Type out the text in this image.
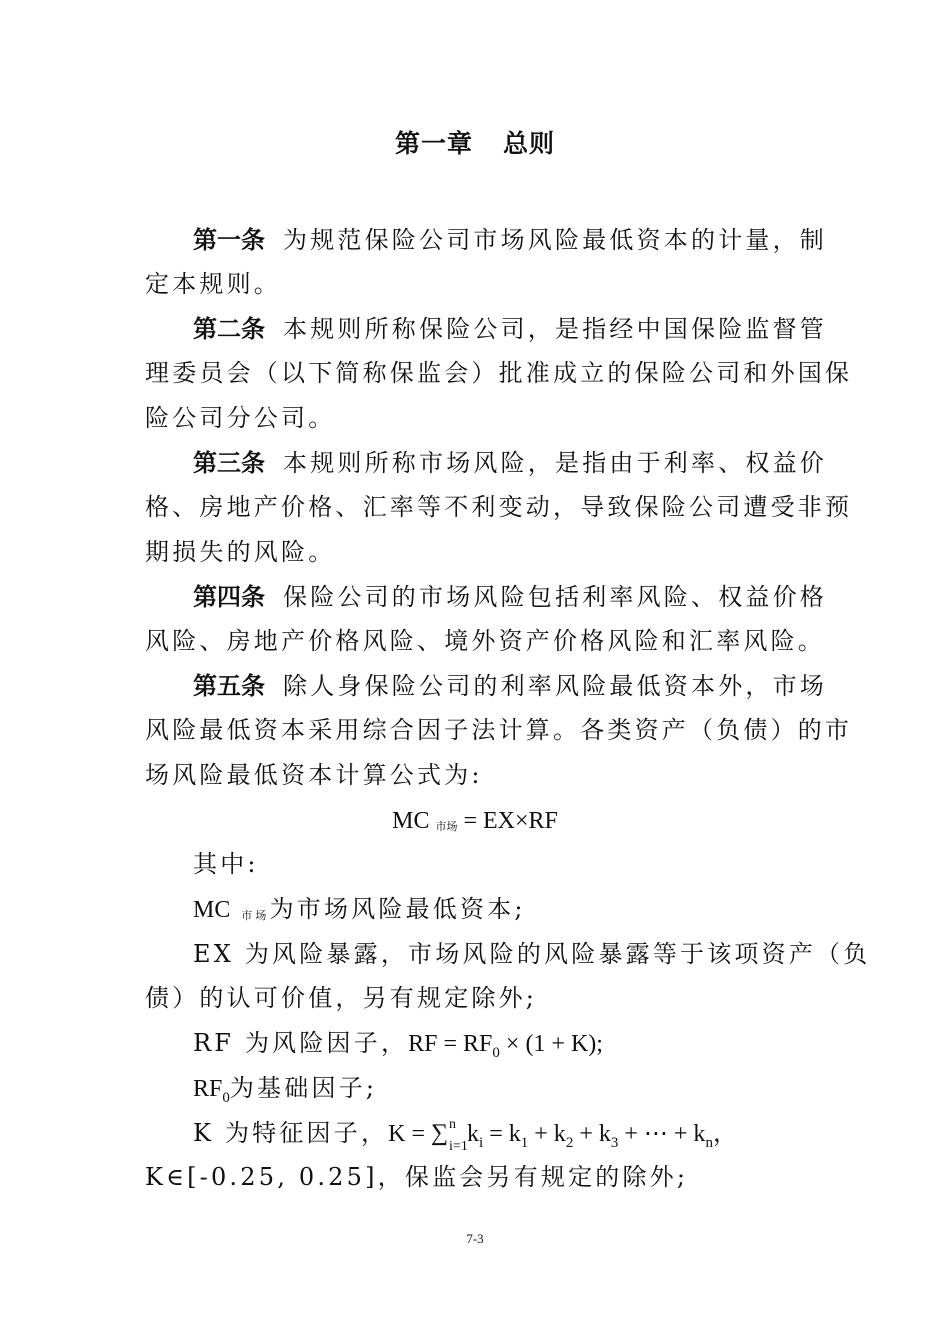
第一章 总则
第一条 为规范保险公司市场风险最低资本的计量，制
定本规则。
第二条 本规则所称保险公司，是指经中国保险监督管
理委员会（以下简称保监会）批准成立的保险公司和外国保
险公司分公司。
第三条 本规则所称市场风险，是指由于利率、权益价
格、房地产价格、汇率等不利变动，导致保险公司遭受非预
期损失的风险。
第四条 保险公司的市场风险包括利率风险、权益价格
风险、房地产价格风险、境外资产价格风险和汇率风险。
第五条 除人身保险公司的利率风险最低资本外，市场
风险最低资本采用综合因子法计算。各类资产（负债）的市
场风险最低资本计算公式为:
MC 市场 = EX×RF
其中:
MC 市场为市场风险最低资本;
EX 为风险暴露，市场风险的风险暴露等于该项资产（负
债）的认可价值，另有规定除外;
RF 为风险因子，RF = $RF_0 \times (1 + K)$;
$RF_0$为基础因子;
K 为特征因子，K = ∑ n
i=1 $k_i = k_1 + k_2 + k_3$ + ⋯ + $k_n$，
K∈[-0.25, 0.25]，保监会另有规定的除外;
7-3
